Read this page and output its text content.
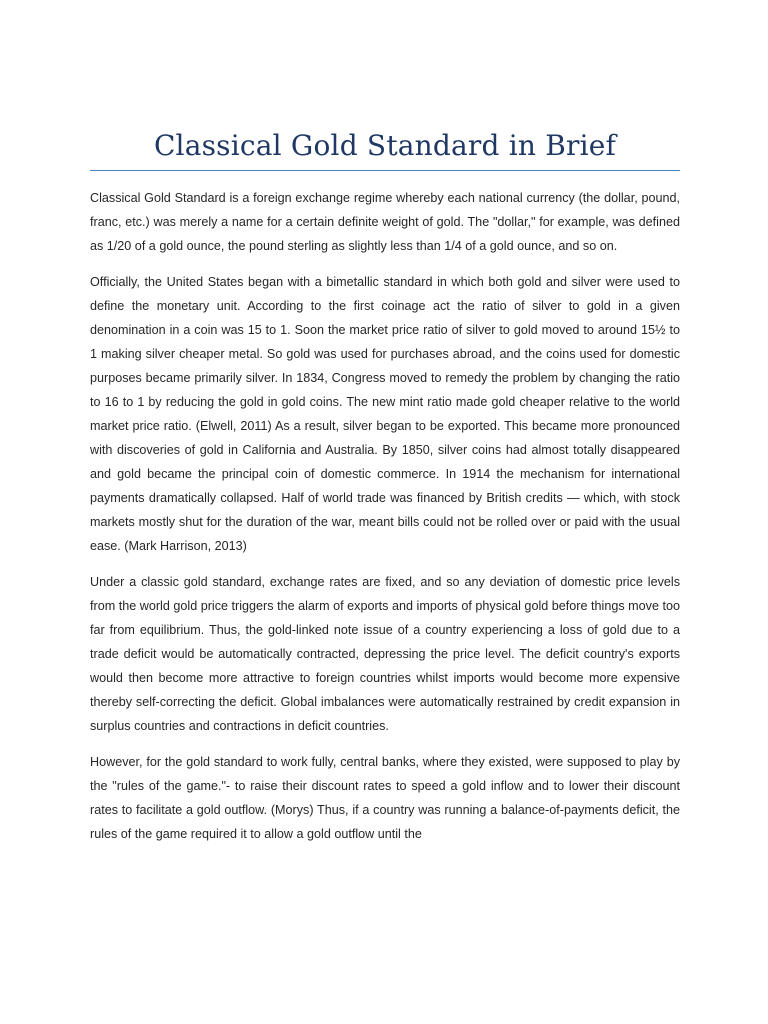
Classical Gold Standard in Brief

Classical Gold Standard is a foreign exchange regime whereby each national currency (the dollar, pound, franc, etc.) was merely a name for a certain definite weight of gold. The "dollar," for example, was defined as 1/20 of a gold ounce, the pound sterling as slightly less than 1/4 of a gold ounce, and so on.

Officially, the United States began with a bimetallic standard in which both gold and silver were used to define the monetary unit. According to the first coinage act the ratio of silver to gold in a given denomination in a coin was 15 to 1. Soon the market price ratio of silver to gold moved to around 15½ to 1 making silver cheaper metal. So gold was used for purchases abroad, and the coins used for domestic purposes became primarily silver. In 1834, Congress moved to remedy the problem by changing the ratio to 16 to 1 by reducing the gold in gold coins. The new mint ratio made gold cheaper relative to the world market price ratio. (Elwell, 2011) As a result, silver began to be exported. This became more pronounced with discoveries of gold in California and Australia. By 1850, silver coins had almost totally disappeared and gold became the principal coin of domestic commerce. In 1914 the mechanism for international payments dramatically collapsed. Half of world trade was financed by British credits — which, with stock markets mostly shut for the duration of the war, meant bills could not be rolled over or paid with the usual ease. (Mark Harrison, 2013)

Under a classic gold standard, exchange rates are fixed, and so any deviation of domestic price levels from the world gold price triggers the alarm of exports and imports of physical gold before things move too far from equilibrium. Thus, the gold-linked note issue of a country experiencing a loss of gold due to a trade deficit would be automatically contracted, depressing the price level. The deficit country's exports would then become more attractive to foreign countries whilst imports would become more expensive thereby self-correcting the deficit. Global imbalances were automatically restrained by credit expansion in surplus countries and contractions in deficit countries.

However, for the gold standard to work fully, central banks, where they existed, were supposed to play by the "rules of the game."- to raise their discount rates to speed a gold inflow and to lower their discount rates to facilitate a gold outflow. (Morys) Thus, if a country was running a balance-of-payments deficit, the rules of the game required it to allow a gold outflow until the
